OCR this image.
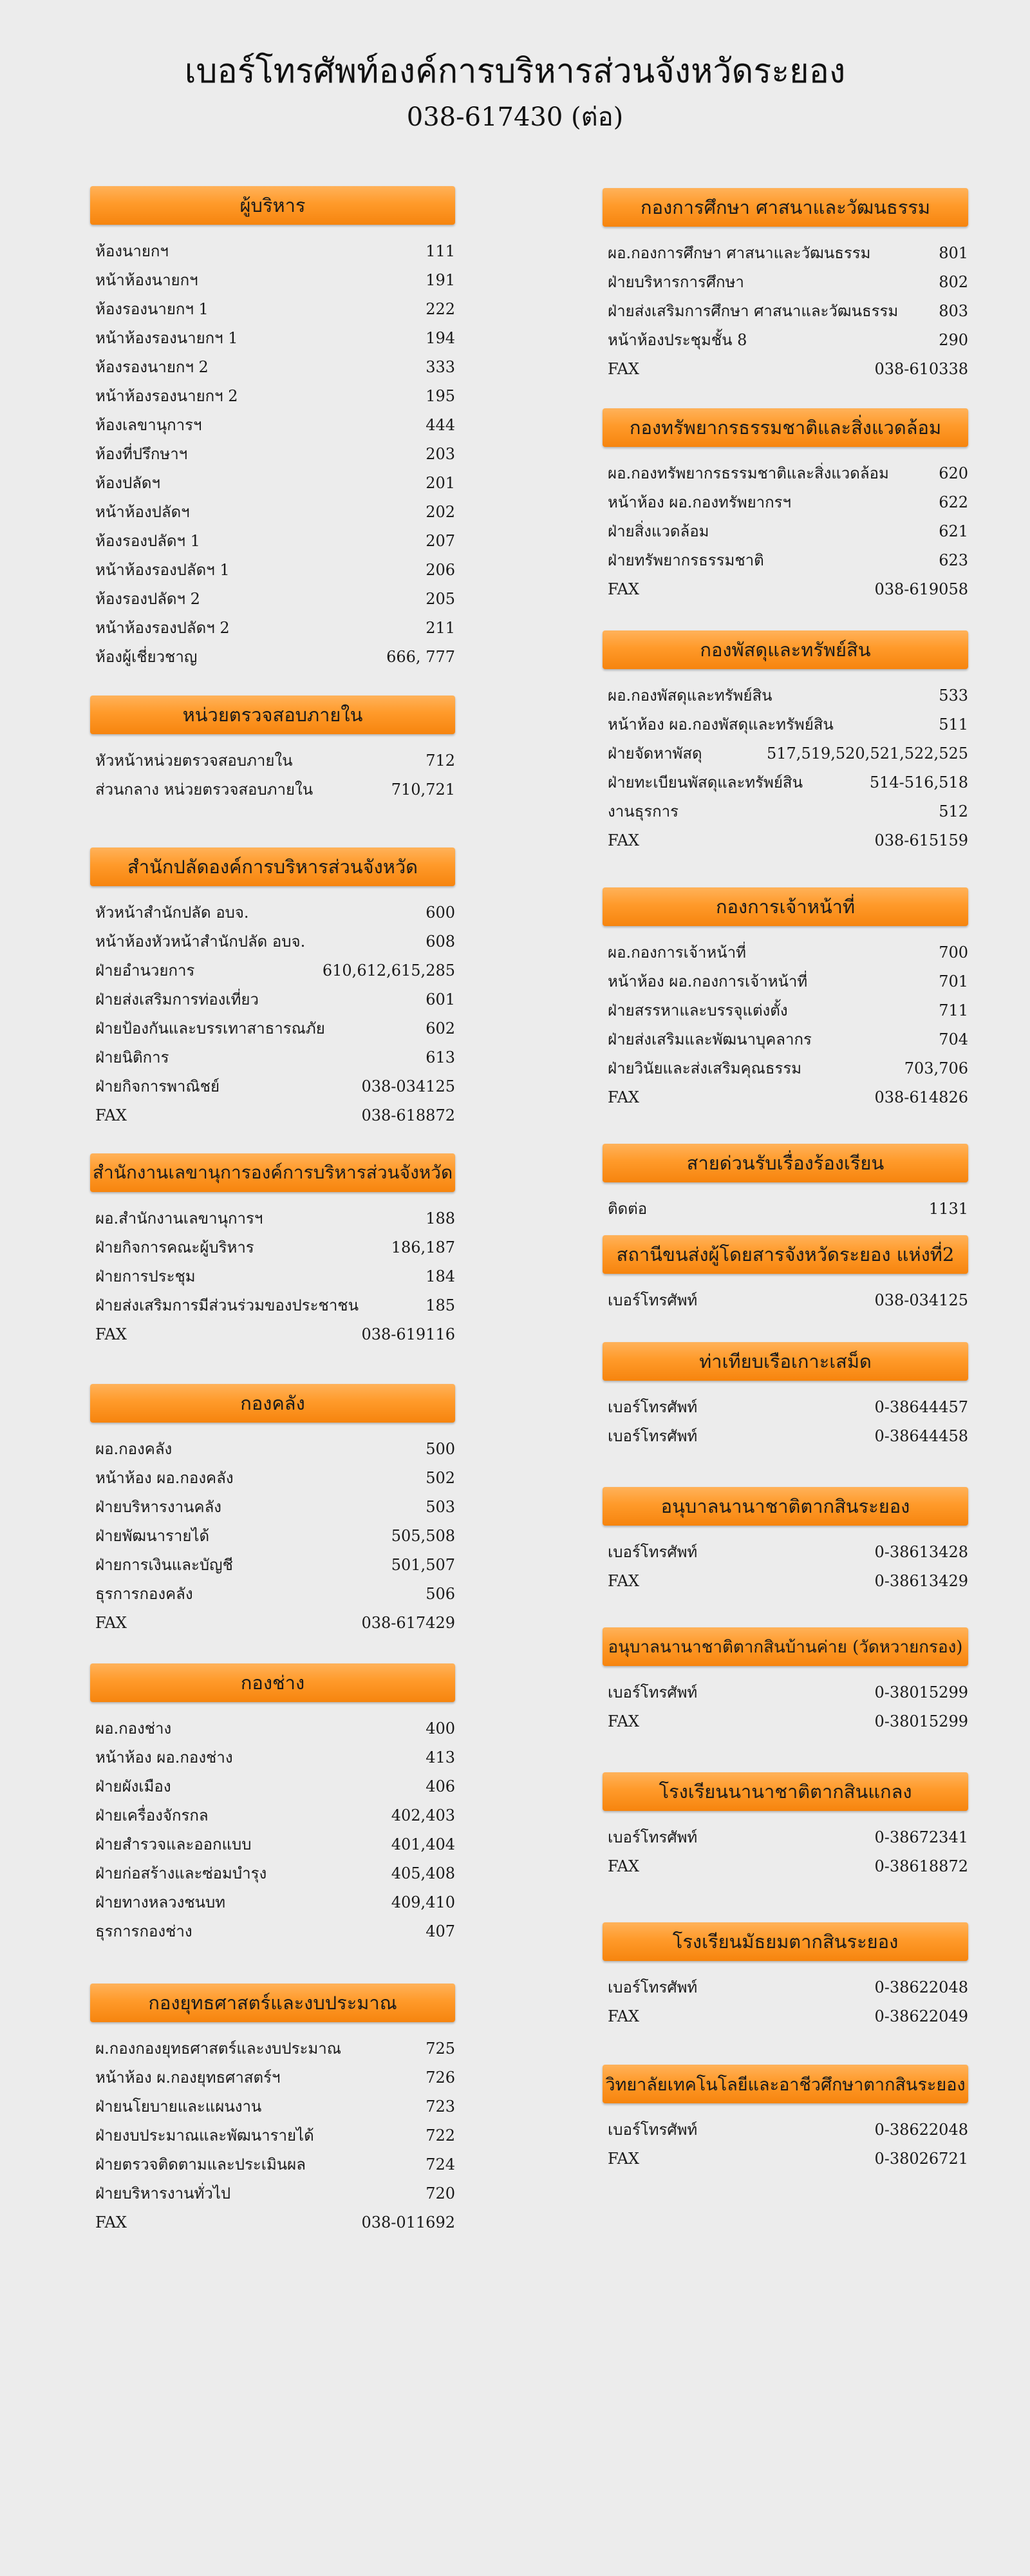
เบอร์โทรศัพท์องค์การบริหารส่วนจังหวัดระยอง
038-617430 (ต่อ)
ผู้บริหาร
ห้องนายกฯ	111
หน้าห้องนายกฯ	191
ห้องรองนายกฯ 1	222
หน้าห้องรองนายกฯ 1	194
ห้องรองนายกฯ 2	333
หน้าห้องรองนายกฯ 2	195
ห้องเลขานุการฯ	444
ห้องที่ปรึกษาฯ	203
ห้องปลัดฯ	201
หน้าห้องปลัดฯ	202
ห้องรองปลัดฯ 1	207
หน้าห้องรองปลัดฯ 1	206
ห้องรองปลัดฯ 2	205
หน้าห้องรองปลัดฯ 2	211
ห้องผู้เชี่ยวชาญ	666, 777
หน่วยตรวจสอบภายใน
หัวหน้าหน่วยตรวจสอบภายใน	712
ส่วนกลาง หน่วยตรวจสอบภายใน	710,721
สำนักปลัดองค์การบริหารส่วนจังหวัด
หัวหน้าสำนักปลัด อบจ.	600
หน้าห้องหัวหน้าสำนักปลัด อบจ.	608
ฝ่ายอำนวยการ	610,612,615,285
ฝ่ายส่งเสริมการท่องเที่ยว	601
ฝ่ายป้องกันและบรรเทาสาธารณภัย	602
ฝ่ายนิติการ	613
ฝ่ายกิจการพาณิชย์	038-034125
FAX	038-618872
สำนักงานเลขานุการองค์การบริหารส่วนจังหวัด
ผอ.สำนักงานเลขานุการฯ	188
ฝ่ายกิจการคณะผู้บริหาร	186,187
ฝ่ายการประชุม	184
ฝ่ายส่งเสริมการมีส่วนร่วมของประชาชน	185
FAX	038-619116
กองคลัง
ผอ.กองคลัง	500
หน้าห้อง ผอ.กองคลัง	502
ฝ่ายบริหารงานคลัง	503
ฝ่ายพัฒนารายได้	505,508
ฝ่ายการเงินและบัญชี	501,507
ธุรการกองคลัง	506
FAX	038-617429
กองช่าง
ผอ.กองช่าง	400
หน้าห้อง ผอ.กองช่าง	413
ฝ่ายผังเมือง	406
ฝ่ายเครื่องจักรกล	402,403
ฝ่ายสำรวจและออกแบบ	401,404
ฝ่ายก่อสร้างและซ่อมบำรุง	405,408
ฝ่ายทางหลวงชนบท	409,410
ธุรการกองช่าง	407
กองยุทธศาสตร์และงบประมาณ
ผ.กองกองยุทธศาสตร์และงบประมาณ	725
หน้าห้อง ผ.กองยุทธศาสตร์ฯ	726
ฝ่ายนโยบายและแผนงาน	723
ฝ่ายงบประมาณและพัฒนารายได้	722
ฝ่ายตรวจติดตามและประเมินผล	724
ฝ่ายบริหารงานทั่วไป	720
FAX	038-011692
กองการศึกษา ศาสนาและวัฒนธรรม
ผอ.กองการศึกษา ศาสนาและวัฒนธรรม	801
ฝ่ายบริหารการศึกษา	802
ฝ่ายส่งเสริมการศึกษา ศาสนาและวัฒนธรรม	803
หน้าห้องประชุมชั้น 8	290
FAX	038-610338
กองทรัพยากรธรรมชาติและสิ่งแวดล้อม
ผอ.กองทรัพยากรธรรมชาติและสิ่งแวดล้อม	620
หน้าห้อง ผอ.กองทรัพยากรฯ	622
ฝ่ายสิ่งแวดล้อม	621
ฝ่ายทรัพยากรธรรมชาติ	623
FAX	038-619058
กองพัสดุและทรัพย์สิน
ผอ.กองพัสดุและทรัพย์สิน	533
หน้าห้อง ผอ.กองพัสดุและทรัพย์สิน	511
ฝ่ายจัดหาพัสดุ	517,519,520,521,522,525
ฝ่ายทะเบียนพัสดุและทรัพย์สิน	514-516,518
งานธุรการ	512
FAX	038-615159
กองการเจ้าหน้าที่
ผอ.กองการเจ้าหน้าที่	700
หน้าห้อง ผอ.กองการเจ้าหน้าที่	701
ฝ่ายสรรหาและบรรจุแต่งตั้ง	711
ฝ่ายส่งเสริมและพัฒนาบุคลากร	704
ฝ่ายวินัยและส่งเสริมคุณธรรม	703,706
FAX	038-614826
สายด่วนรับเรื่องร้องเรียน
ติดต่อ	1131
สถานีขนส่งผู้โดยสารจังหวัดระยอง แห่งที่2
เบอร์โทรศัพท์	038-034125
ท่าเทียบเรือเกาะเสม็ด
เบอร์โทรศัพท์	0-38644457
เบอร์โทรศัพท์	0-38644458
อนุบาลนานาชาติตากสินระยอง
เบอร์โทรศัพท์	0-38613428
FAX	0-38613429
อนุบาลนานาชาติตากสินบ้านค่าย (วัดหวายกรอง)
เบอร์โทรศัพท์	0-38015299
FAX	0-38015299
โรงเรียนนานาชาติตากสินแกลง
เบอร์โทรศัพท์	0-38672341
FAX	0-38618872
โรงเรียนมัธยมตากสินระยอง
เบอร์โทรศัพท์	0-38622048
FAX	0-38622049
วิทยาลัยเทคโนโลยีและอาชีวศึกษาตากสินระยอง
เบอร์โทรศัพท์	0-38622048
FAX	0-38026721
